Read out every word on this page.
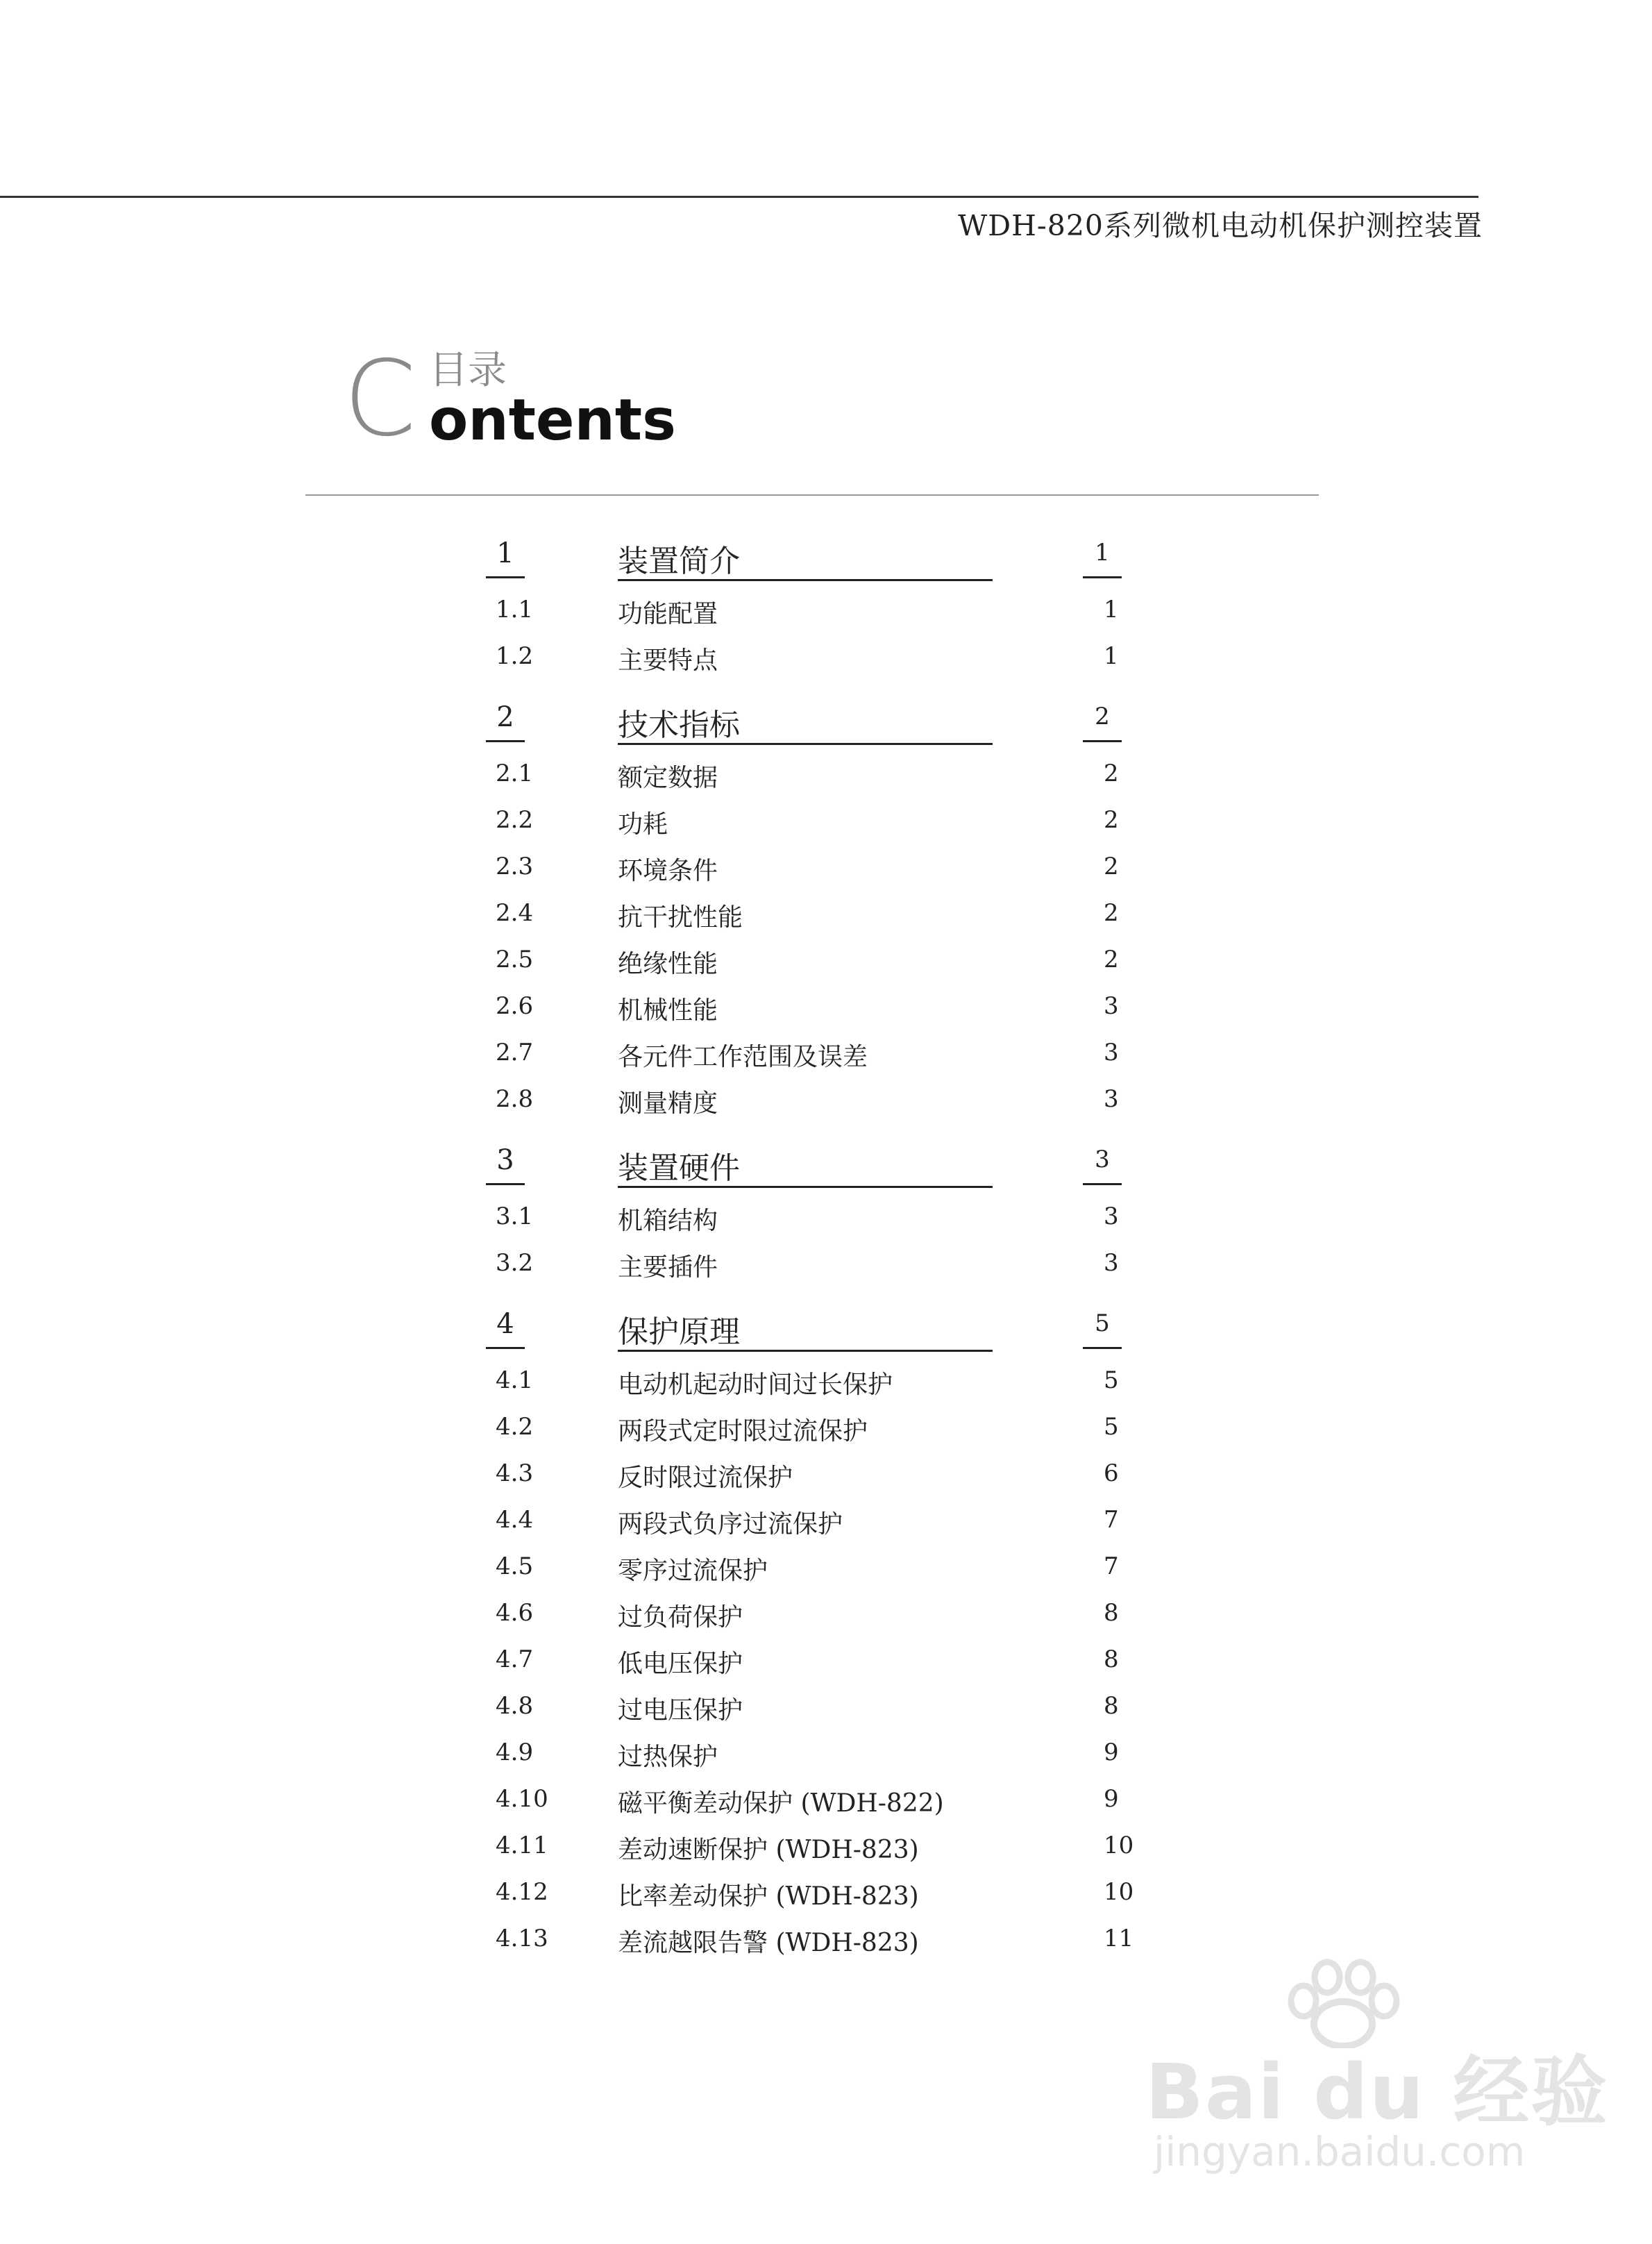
WDH-820系列微机电动机保护测控装置
C 目录
ontents
1	装置简介	1
1.1	功能配置	1
1.2	主要特点	1
2	技术指标	2
2.1	额定数据	2
2.2	功耗	2
2.3	环境条件	2
2.4	抗干扰性能	2
2.5	绝缘性能	2
2.6	机械性能	3
2.7	各元件工作范围及误差	3
2.8	测量精度	3
3	装置硬件	3
3.1	机箱结构	3
3.2	主要插件	3
4	保护原理	5
4.1	电动机起动时间过长保护	5
4.2	两段式定时限过流保护	5
4.3	反时限过流保护	6
4.4	两段式负序过流保护	7
4.5	零序过流保护	7
4.6	过负荷保护	8
4.7	低电压保护	8
4.8	过电压保护	8
4.9	过热保护	9
4.10	磁平衡差动保护 (WDH-822)	9
4.11	差动速断保护 (WDH-823)	10
4.12	比率差动保护 (WDH-823)	10
4.13	差流越限告警 (WDH-823)	11
Bai du 经验
jingyan.baidu.com
